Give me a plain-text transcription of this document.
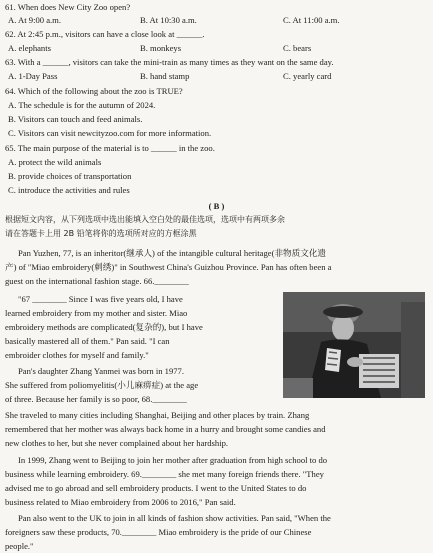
61. When does New City Zoo open?
A. At 9:00 a.m.	B. At 10:30 a.m.	C. At 11:00 a.m.
62. At 2:45 p.m., visitors can have a close look at ______.
A. elephants	B. monkeys	C. bears
63. With a ______, visitors can take the mini-train as many times as they want on the same day.
A. 1-Day Pass	B. hand stamp	C. yearly card
64. Which of the following about the zoo is TRUE?
A. The schedule is for the autumn of 2024.
B. Visitors can touch and feed animals.
C. Visitors can visit newcityzoo.com for more information.
65. The main purpose of the material is to ______ in the zoo.
A. protect the wild animals
B. provide choices of transportation
C. introduce the activities and rules
( B )
根据短文内容，从下列选项中选出能填入空白处的最佳选项，选项中有两项多余
请在答题卡上用 2B 铅笔将你的选项所对应的方框涂黑
Pan Yuzhen, 77, is an inheritor(继承人) of the intangible cultural heritage(非物质文化遗
产) of "Miao embroidery(刺绣)" in Southwest China's Guizhou Province. Pan has often been a
guest on the international fashion stage. 66.________
"67 ________ Since I was five years old, I have
learned embroidery from my mother and sister. Miao
embroidery methods are complicated(复杂的), but I have
basically mastered all of them." Pan said. "I can
embroider clothes for myself and family."
Pan's daughter Zhang Yanmei was born in 1977.
She suffered from poliomyelitis(小儿麻痹症) at the age
of three. Because her family is so poor, 68.________
She traveled to many cities including Shanghai, Beijing and other places by train. Zhang
remembered that her mother was always back home in a hurry and brought some candies and
new clothes to her, but she never complained about her hardship.
In 1999, Zhang went to Beijing to join her mother after graduation from high school to do
business while learning embroidery. 69.________ she met many foreign friends there. "They
advised me to go abroad and sell embroidery products. I went to the United States to do
business related to Miao embroidery from 2006 to 2016," Pan said.
Pan also went to the UK to join in all kinds of fashion show activities. Pan said, "When the
foreigners saw these products, 70.________ Miao embroidery is the pride of our Chinese
people."
